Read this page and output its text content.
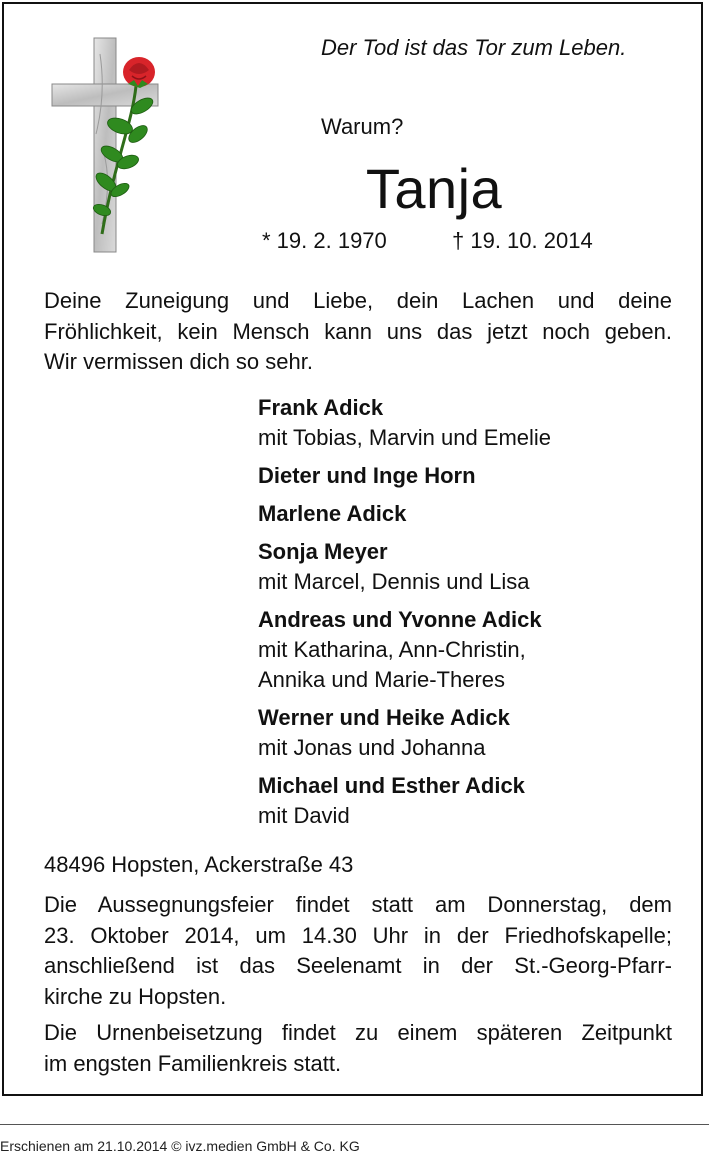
Der Tod ist das Tor zum Leben.
Warum?
Tanja
* 19. 2. 1970	† 19. 10. 2014
Deine Zuneigung und Liebe, dein Lachen und deine
Fröhlichkeit, kein Mensch kann uns das jetzt noch geben.
Wir vermissen dich so sehr.
Frank Adick
mit Tobias, Marvin und Emelie
Dieter und Inge Horn
Marlene Adick
Sonja Meyer
mit Marcel, Dennis und Lisa
Andreas und Yvonne Adick
mit Katharina, Ann-Christin,
Annika und Marie-Theres
Werner und Heike Adick
mit Jonas und Johanna
Michael und Esther Adick
mit David
48496 Hopsten, Ackerstraße 43
Die Aussegnungsfeier findet statt am Donnerstag, dem
23. Oktober 2014, um 14.30 Uhr in der Friedhofskapelle;
anschließend ist das Seelenamt in der St.-Georg-Pfarr-
kirche zu Hopsten.
Die Urnenbeisetzung findet zu einem späteren Zeitpunkt
im engsten Familienkreis statt.
Erschienen am 21.10.2014 © ivz.medien GmbH & Co. KG
